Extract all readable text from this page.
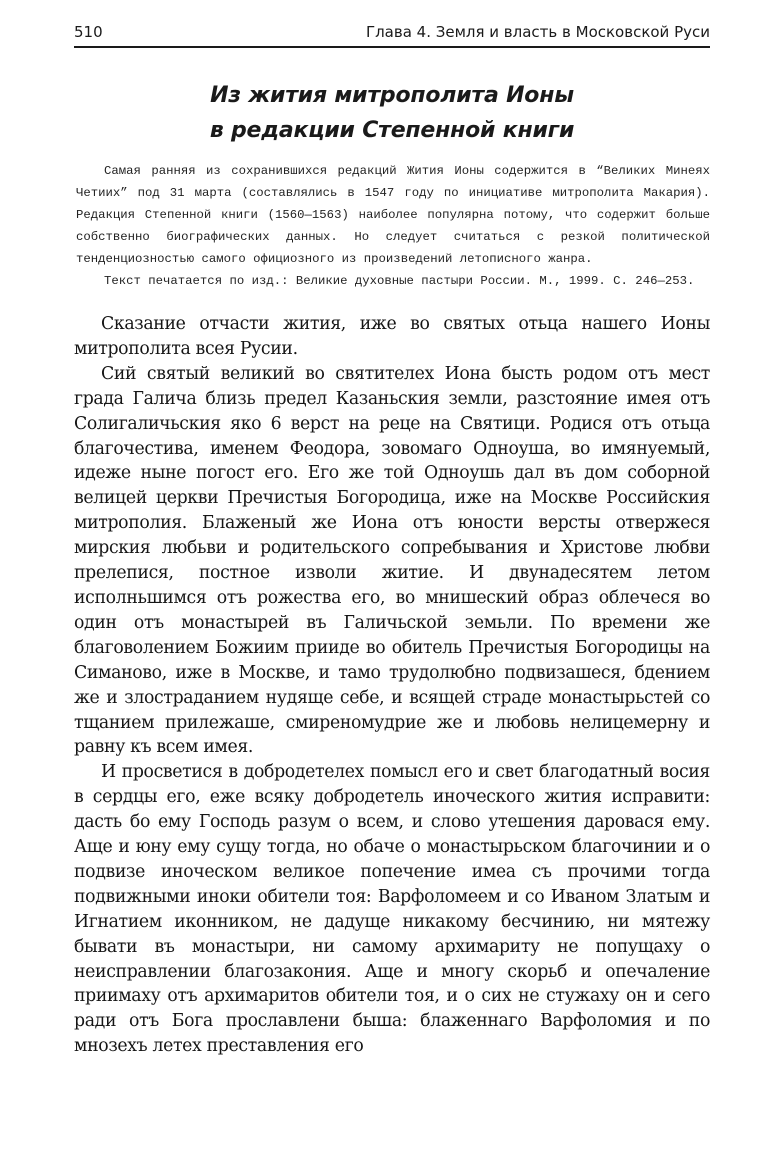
510	Глава 4. Земля и власть в Московской Руси
Из жития митрополита Ионы
в редакции Степенной книги

Самая ранняя из сохранившихся редакций Жития Ионы содержится в “Великих Минеях Четиих” под 31 марта (составлялись в 1547 году по инициативе митрополита Макария). Редакция Степенной книги (1560—1563) наиболее популярна потому, что содержит больше собственно биографических данных. Но следует считаться с резкой политической тенденциозностью самого официозного из произведений летописного жанра.

Текст печатается по изд.: Великие духовные пастыри России. М., 1999. С. 246—253.

Сказание отчасти жития, иже во святых отьца нашего Ионы митрополита всея Русии.

Сий святый великий во святителех Иона бысть родом отъ мест града Галича близь предел Казаньския земли, разстояние имея отъ Солигаличьския яко 6 верст на реце на Святици. Родися отъ отьца благочестива, именем Феодора, зовомаго Одноуша, во имянуемый, идеже ныне погост его. Его же той Одноушь дал въ дом соборной велицей церкви Пречистыя Богородица, иже на Москве Российския митрополия. Блаженый же Иона отъ юности версты отвержеся мирския любьви и родительского сопребывания и Христове любви прелепися, постное изволи житие. И двунадесятем летом исполньшимся отъ рожества его, во мнишеский образ облечеся во один отъ монастырей въ Галичьской земьли. По времени же благоволением Божиим прииде во обитель Пречистыя Богородицы на Симаново, иже в Москве, и тамо трудолюбно подвизашеся, бдением же и злостраданием нудяще себе, и всящей страде монастырьстей со тщанием прилежаше, смиреномудрие же и любовь нелицемерну и равну къ всем имея.

И просветися в добродетелех помысл его и свет благодатный восия в сердцы его, еже всяку добродетель иноческого жития исправити: дасть бо ему Господь разум о всем, и слово утешения даровася ему. Аще и юну ему сущу тогда, но обаче о монастырьском благочинии и о подвизе иноческом великое попечение имеа съ прочими тогда подвижными иноки обители тоя: Варфоломеем и со Иваном Златым и Игнатием иконником, не дадуще никакому бесчинию, ни мятежу бывати въ монастыри, ни самому архимариту не попущаху о неисправлении благозакония. Аще и многу скорьб и опечаление приимаху отъ архимаритов обители тоя, и о сих не стужаху он и сего ради отъ Бога прославлени быша: блаженнаго Варфоломия и по мнозехъ летех преставления его
